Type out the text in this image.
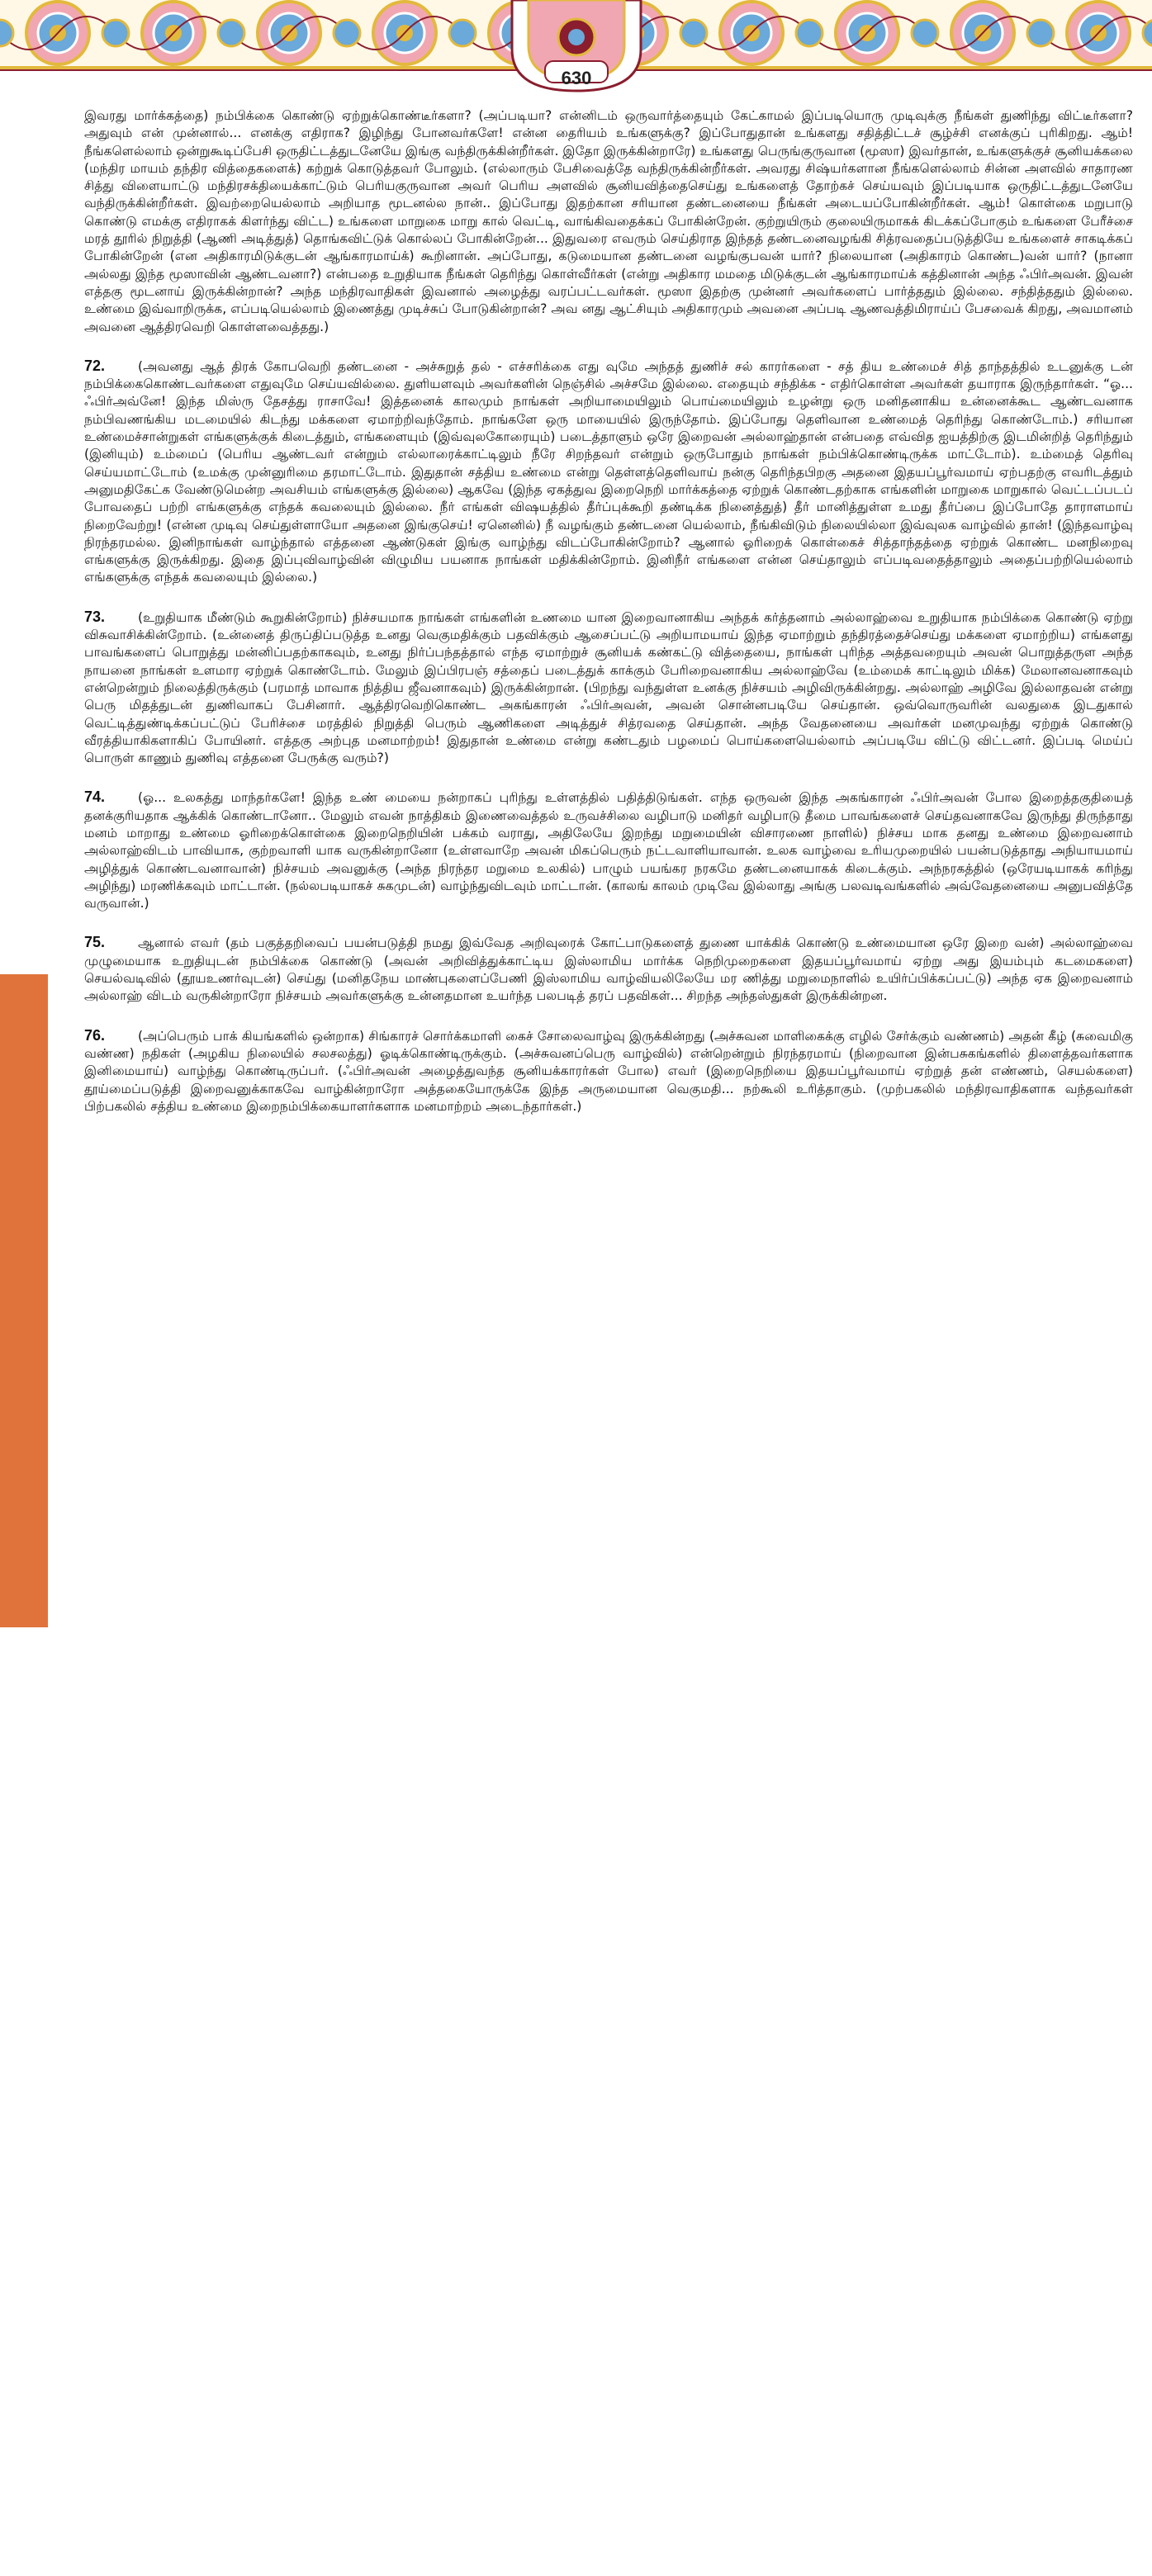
630
அதிகாரம் 16 | 20 • ஸூரத்து தாஹா

இவரது மார்க்கத்தை) நம்பிக்கை கொண்டு ஏற்றுக்கொண்டீர்களா? (அப்படியா? என்னிடம் ஒருவார்த்தையும் கேட்காமல் இப்படியொரு முடிவுக்கு நீங்கள் துணிந்து விட்டீர்களா? அதுவும் என் முன்னால்... எனக்கு எதிராக? இழிந்து போனவர்களே! என்ன தைரியம் உங்களுக்கு? இப்போதுதான் உங்களது சதித்திட்டச் சூழ்ச்சி எனக்குப் புரிகிறது. ஆம்! நீங்களெல்லாம் ஒன்றுகூடிப்பேசி ஒருதிட்டத்துடனேயே இங்கு வந்திருக்கின்றீர்கள். இதோ இருக்கின்றாரே) உங்களது பெருங்குருவான (மூஸா) இவர்தான், உங்களுக்குச் சூனியக்கலை (மந்திர மாயம் தந்திர வித்தைகளைக்) கற்றுக் கொடுத்தவர் போலும். (எல்லாரும் பேசிவைத்தே வந்திருக்கின்றீர்கள். அவரது சிஷ்யர்களான நீங்களெல்லாம் சின்ன அளவில் சாதாரண சித்து விளையாட்டு மந்திரசக்தியைக்காட்டும் பெரியகுருவான அவர் பெரிய அளவில் சூனியவித்தைசெய்து உங்களைத் தோற்கச் செய்யவும் இப்படியாக ஒருதிட்டத்துடனேயே வந்திருக்கின்றீர்கள். இவற்றையெல்லாம் அறியாத மூடனல்ல நான்.. இப்போது இதற்கான சரியான தண்டனையை நீங்கள் அடையப்போகின்றீர்கள். ஆம்! கொள்கை மறுபாடு கொண்டு எமக்கு எதிராகக் கிளர்ந்து விட்ட) உங்களை மாறுகை மாறு கால் வெட்டி, வாங்கிவதைக்கப் போகின்றேன். குற்றுயிரும் குலையிருமாகக் கிடக்கப்போகும் உங்களை பேரீச்சை மரத் தூரில் நிறுத்தி (ஆணி அடித்துத்) தொங்கவிட்டுக் கொல்லப் போகின்றேன்... இதுவரை எவரும் செய்திராத இந்தத் தண்டனைவழங்கி சித்ரவதைப்படுத்தியே உங்களைச் சாகடிக்கப் போகின்றேன் (என அதிகாரமிடுக்குடன் ஆங்காரமாய்க்) கூறினான். அப்போது, கடுமையான தண்டனை வழங்குபவன் யார்? நிலையான (அதிகாரம் கொண்ட)வன் யார்? (நானா அல்லது இந்த மூஸாவின் ஆண்டவனா?) என்பதை உறுதியாக நீங்கள் தெரிந்து கொள்வீர்கள் (என்று அதிகார மமதை மிடுக்குடன் ஆங்காரமாய்க் கத்தினான் அந்த ஃபிர்அவன். இவன் எத்தகு மூடனாய் இருக்கின்றான்? அந்த மந்திரவாதிகள் இவனால் அழைத்து வரப்பட்டவர்கள். மூஸா இதற்கு முன்னர் அவர்களைப் பார்த்ததும் இல்லை. சந்தித்ததும் இல்லை. உண்மை இவ்வாறிருக்க, எப்படியெல்லாம் இணைத்து முடிச்சுப் போடுகின்றான்? அவ னது ஆட்சியும் அதிகாரமும் அவனை அப்படி ஆணவத்திமிராய்ப் பேசவைக் கிறது, அவமானம் அவனை ஆத்திரவெறி கொள்ளவைத்தது.)

72.	(அவனது ஆத் திரக் கோபவெறி தண்டனை - அச்சுறுத் தல் - எச்சரிக்கை எது வுமே அந்தத் துணிச் சல் காரர்களை - சத் திய உண்மைச் சித் தாந்தத்தில் உடனுக்கு டன் நம்பிக்கைகொண்டவர்களை எதுவுமே செய்யவில்லை. துளியளவும் அவர்களின் நெஞ்சில் அச்சமே இல்லை. எதையும் சந்திக்க - எதிர்கொள்ள அவர்கள் தயாராக இருந்தார்கள். “ஓ... ஃபிர்அவ்னே! இந்த மிஸ்ரு தேசத்து ராசாவே! இத்தனைக் காலமும் நாங்கள் அறியாமையிலும் பொய்மையிலும் உழன்று ஒரு மனிதனாகிய உன்னைக்கூட ஆண்டவனாக நம்பிவணங்கிய மடமையில் கிடந்து மக்களை ஏமாற்றிவந்தோம். நாங்களே ஒரு மாயையில் இருந்தோம். இப்போது தெளிவான உண்மைத் தெரிந்து கொண்டோம்.) சரியான உண்மைச்சான்றுகள் எங்களுக்குக் கிடைத்தும், எங்களையும் (இவ்வுலகோரையும்) படைத்தாளும் ஒரே இறைவன் அல்லாஹ்தான் என்பதை எவ்வித ஐயத்திற்கு இடமின்றித் தெரிந்தும் (இனியும்) உம்மைப் (பெரிய ஆண்டவர் என்றும் எல்லாரைக்காட்டிலும் நீரே சிறந்தவர் என்றும் ஒருபோதும் நாங்கள் நம்பிக்கொண்டிருக்க மாட்டோம்). உம்மைத் தெரிவு செய்யமாட்டோம் (உமக்கு முன்னுரிமை தரமாட்டோம். இதுதான் சத்திய உண்மை என்று தெள்ளத்தெளிவாய் நன்கு தெரிந்தபிறகு அதனை இதயப்பூர்வமாய் ஏற்பதற்கு எவரிடத்தும் அனுமதிகேட்க வேண்டுமென்ற அவசியம் எங்களுக்கு இல்லை) ஆகவே (இந்த ஏகத்துவ இறைநெறி மார்க்கத்தை ஏற்றுக் கொண்டதற்காக எங்களின் மாறுகை மாறுகால் வெட்டப்படப் போவதைப் பற்றி எங்களுக்கு எந்தக் கவலையும் இல்லை. நீர் எங்கள் விஷயத்தில் தீர்ப்புக்கூறி தண்டிக்க நினைத்துத்) தீர் மானித்துள்ள உமது தீர்ப்பை இப்போதே தாராளமாய் நிறைவேற்று! (என்ன முடிவு செய்துள்ளாயோ அதனை இங்குசெய்! ஏனெனில்) நீ வழங்கும் தண்டனை யெல்லாம், நீங்கிவிடும் நிலையில்லா இவ்வுலக வாழ்வில் தான்! (இந்தவாழ்வு நிரந்தரமல்ல. இனிநாங்கள் வாழ்ந்தால் எத்தனை ஆண்டுகள் இங்கு வாழ்ந்து விடப்போகின்றோம்? ஆனால் ஓரிறைக் கொள்கைச் சித்தாந்தத்தை ஏற்றுக் கொண்ட மனநிறைவு எங்களுக்கு இருக்கிறது. இதை இப்புவிவாழ்வின் விழுமிய பயனாக நாங்கள் மதிக்கின்றோம். இனிநீர் எங்களை என்ன செய்தாலும் எப்படிவதைத்தாலும் அதைப்பற்றியெல்லாம் எங்களுக்கு எந்தக் கவலையும் இல்லை.)

73.	(உறுதியாக மீண்டும் கூறுகின்றோம்) நிச்சயமாக நாங்கள் எங்களின் உணமை யான இறைவானாகிய அந்தக் கர்த்தனாம் அல்லாஹ்வை உறுதியாக நம்பிக்கை கொண்டு ஏற்று விசுவாசிக்கின்றோம். (உன்னைத் திருப்திப்படுத்த உனது வெகுமதிக்கும் பதவிக்கும் ஆசைப்பட்டு அறியாமயாய் இந்த ஏமாற்றும் தந்திரத்தைச்செய்து மக்களை ஏமாற்றிய) எங்களது பாவங்களைப் பொறுத்து மன்னிப்பதற்காகவும், உனது நிர்ப்பந்தத்தால் எந்த ஏமாற்றுச் சூனியக் கண்கட்டு வித்தையை, நாங்கள் புரிந்த அத்தவறையும் அவன் பொறுத்தருள அந்த நாயனை நாங்கள் உளமார ஏற்றுக் கொண்டோம். மேலும் இப்பிரபஞ் சத்தைப் படைத்துக் காக்கும் பேரிறைவனாகிய அல்லாஹ்வே (உம்மைக் காட்டிலும் மிக்க) மேலானவனாகவும் என்றென்றும் நிலைத்திருக்கும் (பரமாத் மாவாக நித்திய ஜீவனாகவும்) இருக்கின்றான். (பிறந்து வந்துள்ள உனக்கு நிச்சயம் அழிவிருக்கின்றது. அல்லாஹ் அழிவே இல்லாதவன் என்று பெரு மிதத்துடன் துணிவாகப் பேசினார். ஆத்திரவெறிகொண்ட அகங்காரன் ஃபிர்அவன், அவன் சொன்னபடியே செய்தான். ஒவ்வொருவரின் வலதுகை இடதுகால் வெட்டித்துண்டிக்கப்பட்டுப் பேரிச்சை மரத்தில் நிறுத்தி பெரும் ஆணிகளை அடித்துச் சித்ரவதை செய்தான். அந்த வேதனையை அவர்கள் மனமுவந்து ஏற்றுக் கொண்டு வீரத்தியாகிகளாகிப் போயினர். எத்தகு அற்புத மனமாற்றம்! இதுதான் உண்மை என்று கண்டதும் பழமைப் பொய்களையெல்லாம் அப்படியே விட்டு விட்டனர். இப்படி மெய்ப் பொருள் காணும் துணிவு எத்தனை பேருக்கு வரும்?)

74.	(ஓ... உலகத்து மாந்தர்களே! இந்த உண் மையை நன்றாகப் புரிந்து உள்ளத்தில் பதித்திடுங்கள். எந்த ஒருவன் இந்த அகங்காரன் ஃபிர்அவன் போல இறைத்தகுதியைத் தனக்குரியதாக ஆக்கிக் கொண்டானோ.. மேலும் எவன் நாத்திகம் இணைவைத்தல் உருவச்சிலை வழிபாடு மனிதர் வழிபாடு தீமை பாவங்களைச் செய்தவனாகவே இருந்து திருந்தாது மனம் மாறாது உண்மை ஓரிறைக்கொள்கை இறைநெறியின் பக்கம் வராது, அதிலேயே இறந்து மறுமையின் விசாரணை நாளில்) நிச்சய மாக தனது உண்மை இறைவனாம் அல்லாஹ்விடம் பாவியாக, குற்றவாளி யாக வருகின்றானோ (உள்ளவாறே அவன் மிகப்பெரும் நட்டவாளியாவான். உலக வாழ்வை உரியமுறையில் பயன்படுத்தாது அநியாயமாய் அழித்துக் கொண்டவனாவான்) நிச்சயம் அவனுக்கு (அந்த நிரந்தர மறுமை உலகில்) பாழும் பயங்கர நரகமே தண்டனையாகக் கிடைக்கும். அந்நரகத்தில் (ஒரேயடியாகக் கரிந்து அழிந்து) மரணிக்கவும் மாட்டான். (நல்லபடியாகச் சுகமுடன்) வாழ்ந்துவிடவும் மாட்டான். (காலங் காலம் முடிவே இல்லாது அங்கு பலவடிவங்களில் அவ்வேதனையை அனுபவித்தே வருவான்.)

75.	ஆனால் எவர் (தம் பகுத்தறிவைப் பயன்படுத்தி நமது இவ்வேத அறிவுரைக் கோட்பாடுகளைத் துணை யாக்கிக் கொண்டு உண்மையான ஒரே இறை வன்) அல்லாஹ்வை முழுமையாக உறுதியுடன் நம்பிக்கை கொண்டு (அவன் அறிவித்துக்காட்டிய இஸ்லாமிய மார்க்க நெறிமுறைகளை இதயப்பூர்வமாய் ஏற்று அது இயம்பும் கடமைகளை) செயல்வடிவில் (தூயஉணர்வுடன்) செய்து (மனிதநேய மாண்புகளைப்பேணி இஸ்லாமிய வாழ்வியலிலேயே மர ணித்து மறுமைநாளில் உயிர்ப்பிக்கப்பட்டு) அந்த ஏக இறைவனாம் அல்லாஹ் விடம் வருகின்றாரோ நிச்சயம் அவர்களுக்கு உன்னதமான உயர்ந்த பலபடித் தரப் பதவிகள்... சிறந்த அந்தஸ்துகள் இருக்கின்றன.

76.	(அப்பெரும் பாக் கியங்களில் ஒன்றாக) சிங்காரச் சொர்க்கமாளி கைச் சோலைவாழ்வு இருக்கின்றது (அச்சுவன மாளிகைக்கு எழில் சேர்க்கும் வண்ணம்) அதன் கீழ் (சுவைமிகு வண்ண) நதிகள் (அழகிய நிலையில் சலசலத்து) ஓடிக்கொண்டிருக்கும். (அச்சுவனப்பெரு வாழ்வில்) என்றென்றும் நிரந்தரமாய் (நிறைவான இன்பசுகங்களில் திளைத்தவர்களாக இனிமையாய்) வாழ்ந்து கொண்டிருப்பர். (ஃபிர்அவன் அழைத்துவந்த சூனியக்காரர்கள் போல) எவர் (இறைநெறியை இதயப்பூர்வமாய் ஏற்றுத் தன் எண்ணம், செயல்களை) தூய்மைப்படுத்தி இறைவனுக்காகவே வாழ்கின்றாரோ அத்தகையோருக்கே இந்த அருமையான வெகுமதி... நற்கூலி உரித்தாகும். (முற்பகலில் மந்திரவாதிகளாக வந்தவர்கள் பிற்பகலில் சத்திய உண்மை இறைநம்பிக்கையாளர்களாக மனமாற்றம் அடைந்தார்கள்.)
